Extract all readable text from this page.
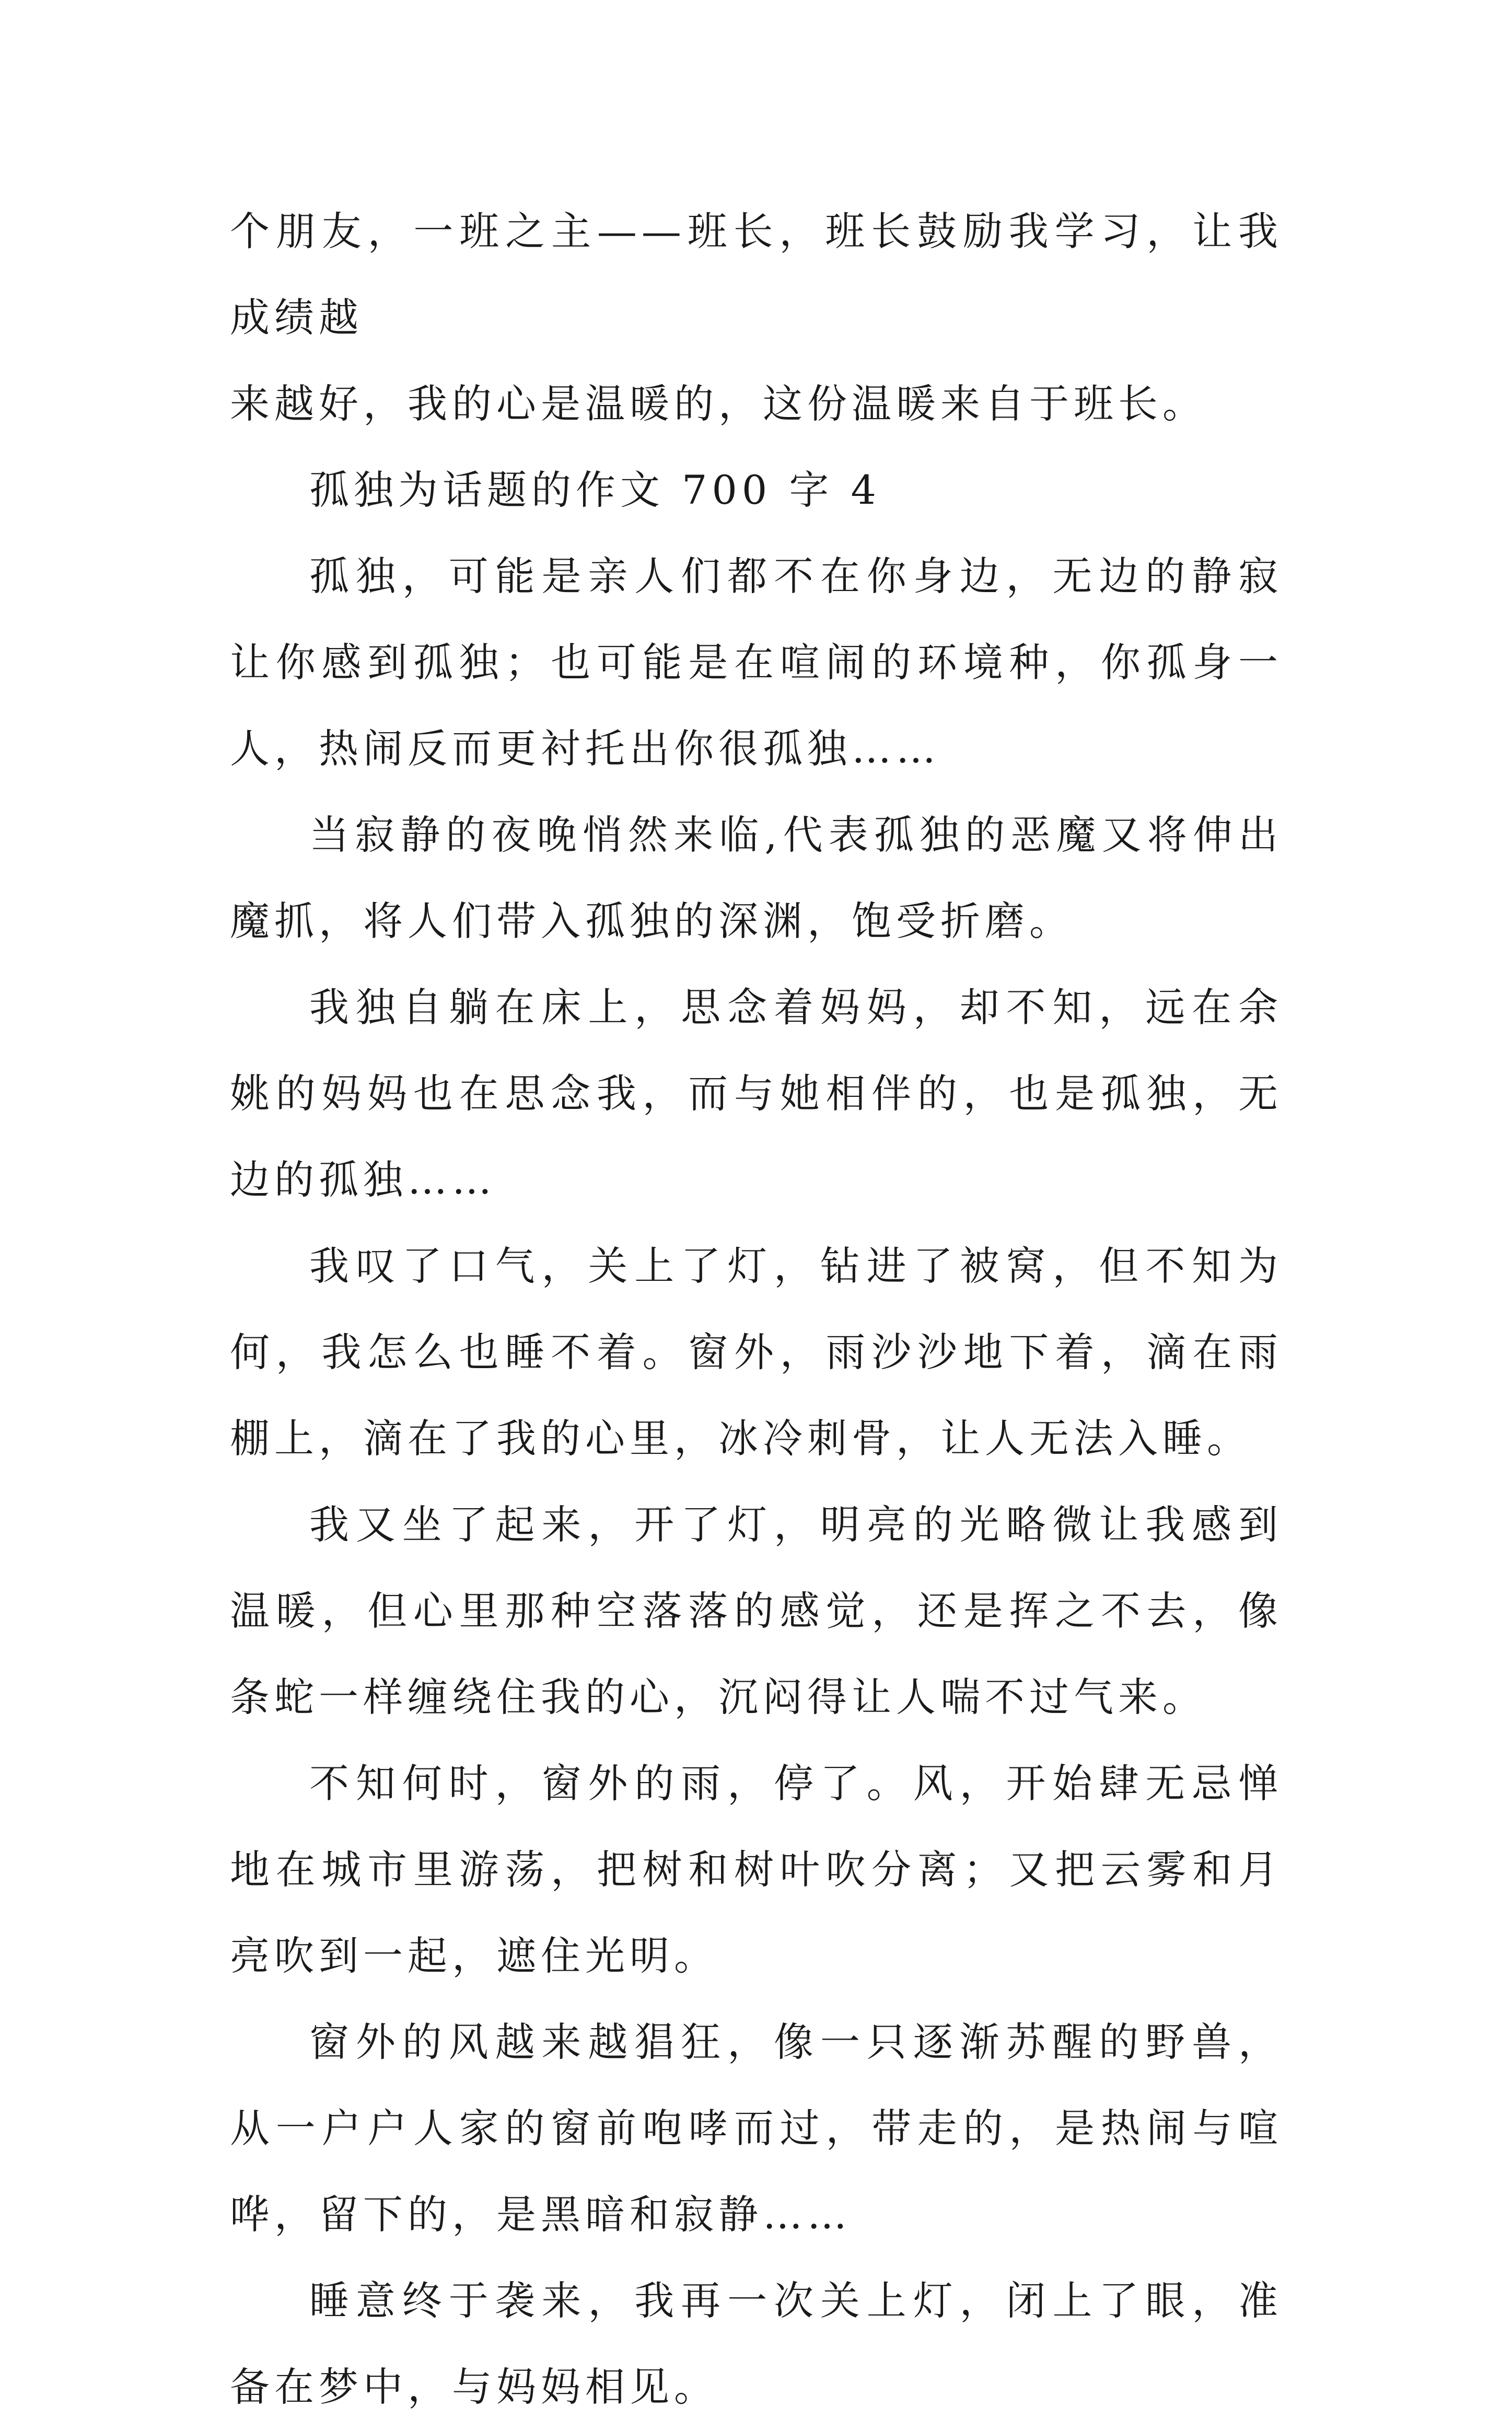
个朋友，一班之主——班长，班长鼓励我学习，让我成绩越
来越好，我的心是温暖的，这份温暖来自于班长。

孤独为话题的作文 700 字 4

孤独，可能是亲人们都不在你身边，无边的静寂让你感到孤独；也可能是在喧闹的环境种，你孤身一人，热闹反而更衬托出你很孤独……

当寂静的夜晚悄然来临,代表孤独的恶魔又将伸出魔抓，将人们带入孤独的深渊，饱受折磨。

我独自躺在床上，思念着妈妈，却不知，远在余姚的妈妈也在思念我，而与她相伴的，也是孤独，无边的孤独……

我叹了口气，关上了灯，钻进了被窝，但不知为何，我怎么也睡不着。窗外，雨沙沙地下着，滴在雨棚上，滴在了我的心里，冰冷刺骨，让人无法入睡。

我又坐了起来，开了灯，明亮的光略微让我感到温暖，但心里那种空落落的感觉，还是挥之不去，像条蛇一样缠绕住我的心，沉闷得让人喘不过气来。

不知何时，窗外的雨，停了。风，开始肆无忌惮地在城市里游荡，把树和树叶吹分离；又把云雾和月亮吹到一起，遮住光明。

窗外的风越来越猖狂，像一只逐渐苏醒的野兽，从一户户人家的窗前咆哮而过，带走的，是热闹与喧哗，留下的，是黑暗和寂静……

睡意终于袭来，我再一次关上灯，闭上了眼，准备在梦中，与妈妈相见。
